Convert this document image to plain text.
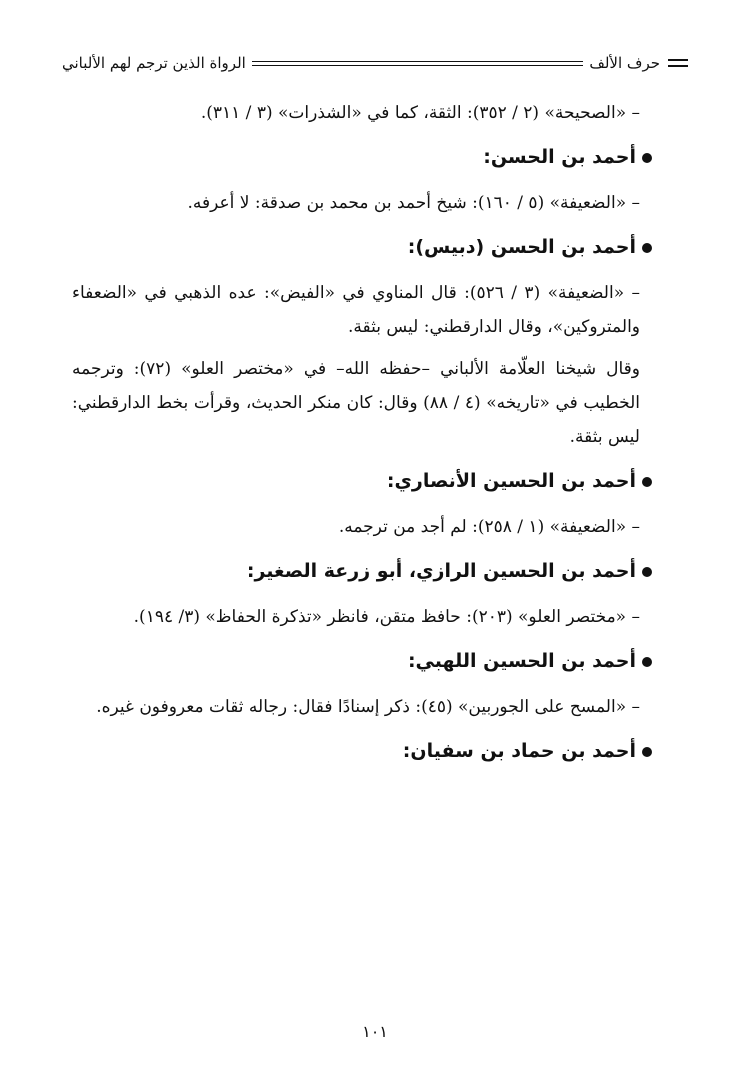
حرف الألف
الرواة الذين ترجم لهم الألباني

– «الصحيحة» (٢ / ٣٥٢): الثقة، كما في «الشذرات» (٣ / ٣١١).

أحمد بن الحسن:

– «الضعيفة» (٥ / ١٦٠): شيخ أحمد بن محمد بن صدقة: لا أعرفه.

أحمد بن الحسن (دبيس):

– «الضعيفة» (٣ / ٥٢٦): قال المناوي في «الفيض»: عده الذهبي في «الضعفاء والمتروكين»، وقال الدارقطني: ليس بثقة.

وقال شيخنا العلّامة الألباني –حفظه الله– في «مختصر العلو» (٧٢): وترجمه الخطيب في «تاريخه» (٤ / ٨٨) وقال: كان منكر الحديث، وقرأت بخط الدارقطني: ليس بثقة.

أحمد بن الحسين الأنصاري:

– «الضعيفة» (١ / ٢٥٨): لم أجد من ترجمه.

أحمد بن الحسين الرازي، أبو زرعة الصغير:

– «مختصر العلو» (٢٠٣): حافظ متقن، فانظر «تذكرة الحفاظ» (٣/ ١٩٤).

أحمد بن الحسين اللهبي:

– «المسح على الجوربين» (٤٥): ذكر إسنادًا فقال: رجاله ثقات معروفون غيره.

أحمد بن حماد بن سفيان:
١٠١
